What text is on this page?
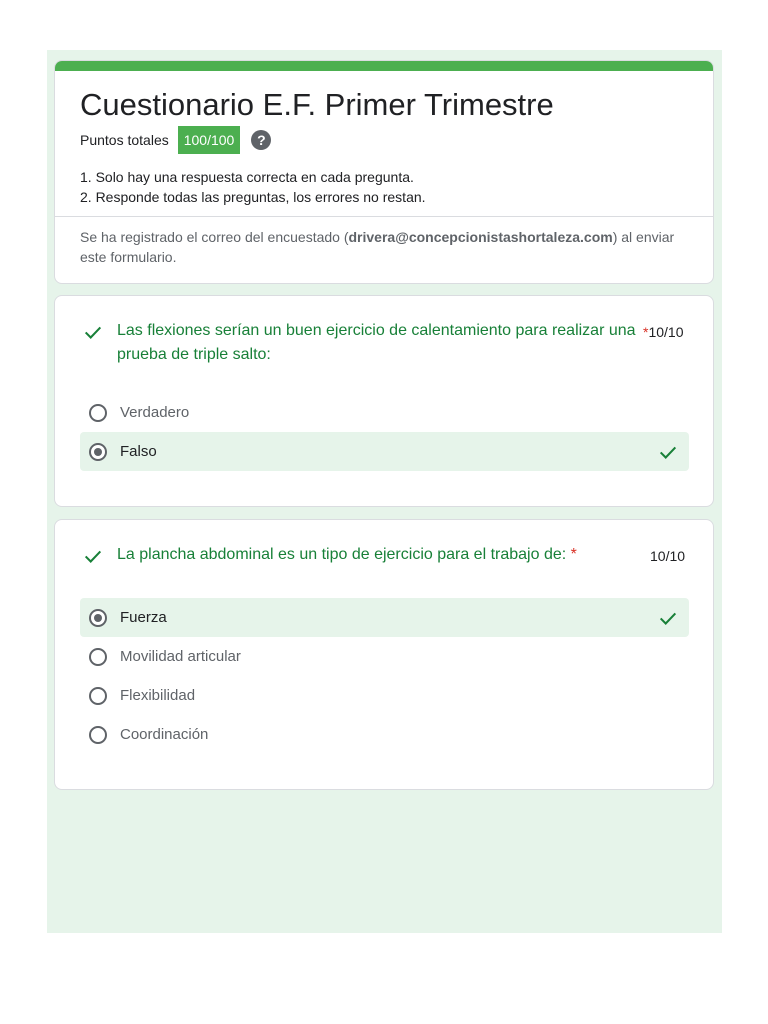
Cuestionario E.F. Primer Trimestre
Puntos totales	100/100	?
1. Solo hay una respuesta correcta en cada pregunta.
2. Responde todas las preguntas, los errores no restan.
Se ha registrado el correo del encuestado (drivera@concepcionistashortaleza.com) al enviar este formulario.
Las flexiones serían un buen ejercicio de calentamiento para realizar una prueba de triple salto:
*10/10
Verdadero
Falso
La plancha abdominal es un tipo de ejercicio para el trabajo de: *	10/10
Fuerza
Movilidad articular
Flexibilidad
Coordinación
